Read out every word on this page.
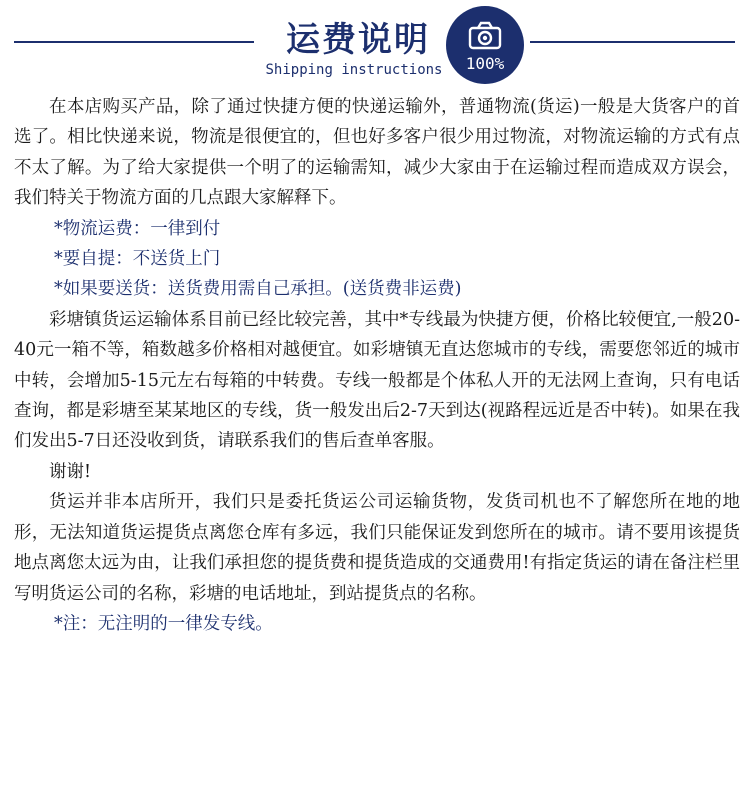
运费说明
Shipping instructions	100%

在本店购买产品，除了通过快捷方便的快递运输外，普通物流(货运)一般是大货客户的首选了。相比快递来说，物流是很便宜的，但也好多客户很少用过物流，对物流运输的方式有点不太了解。为了给大家提供一个明了的运输需知，减少大家由于在运输过程而造成双方误会，我们特关于物流方面的几点跟大家解释下。

*物流运费：一律到付

*要自提：不送货上门

*如果要送货：送货费用需自己承担。(送货费非运费)

彩塘镇货运运输体系目前已经比较完善，其中*专线最为快捷方便，价格比较便宜,一般20-40元一箱不等，箱数越多价格相对越便宜。如彩塘镇无直达您城市的专线，需要您邻近的城市中转，会增加5-15元左右每箱的中转费。专线一般都是个体私人开的无法网上查询，只有电话查询，都是彩塘至某某地区的专线，货一般发出后2-7天到达(视路程远近是否中转)。如果在我们发出5-7日还没收到货，请联系我们的售后查单客服。

谢谢!

货运并非本店所开，我们只是委托货运公司运输货物，发货司机也不了解您所在地的地形，无法知道货运提货点离您仓库有多远，我们只能保证发到您所在的城市。请不要用该提货地点离您太远为由，让我们承担您的提货费和提货造成的交通费用!有指定货运的请在备注栏里写明货运公司的名称，彩塘的电话地址，到站提货点的名称。

*注：无注明的一律发专线。
